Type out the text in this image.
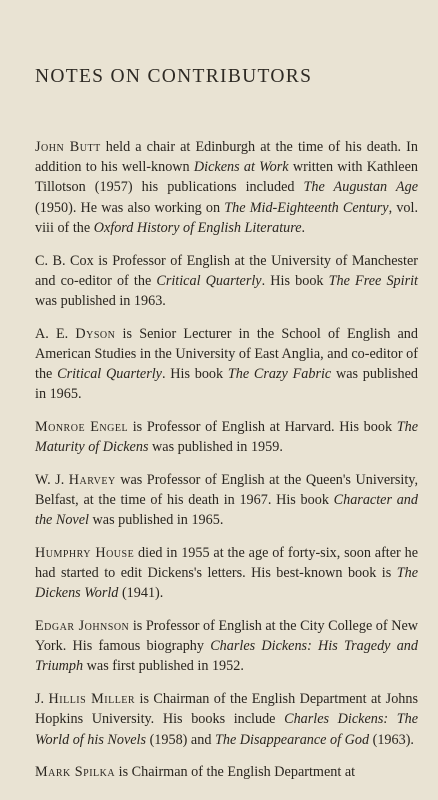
NOTES ON CONTRIBUTORS

John Butt held a chair at Edinburgh at the time of his death. In addition to his well-known Dickens at Work written with Kathleen Tillotson (1957) his publications included The Augustan Age (1950). He was also working on The Mid-Eighteenth Century, vol. viii of the Oxford History of English Literature.

C. B. Cox is Professor of English at the University of Manchester and co-editor of the Critical Quarterly. His book The Free Spirit was published in 1963.

A. E. Dyson is Senior Lecturer in the School of English and American Studies in the University of East Anglia, and co-editor of the Critical Quarterly. His book The Crazy Fabric was published in 1965.

Monroe Engel is Professor of English at Harvard. His book The Maturity of Dickens was published in 1959.

W. J. Harvey was Professor of English at the Queen's University, Belfast, at the time of his death in 1967. His book Character and the Novel was published in 1965.

Humphry House died in 1955 at the age of forty-six, soon after he had started to edit Dickens's letters. His best-known book is The Dickens World (1941).

Edgar Johnson is Professor of English at the City College of New York. His famous biography Charles Dickens: His Tragedy and Triumph was first published in 1952.

J. Hillis Miller is Chairman of the English Department at Johns Hopkins University. His books include Charles Dickens: The World of his Novels (1958) and The Disappearance of God (1963).

Mark Spilka is Chairman of the English Department at
